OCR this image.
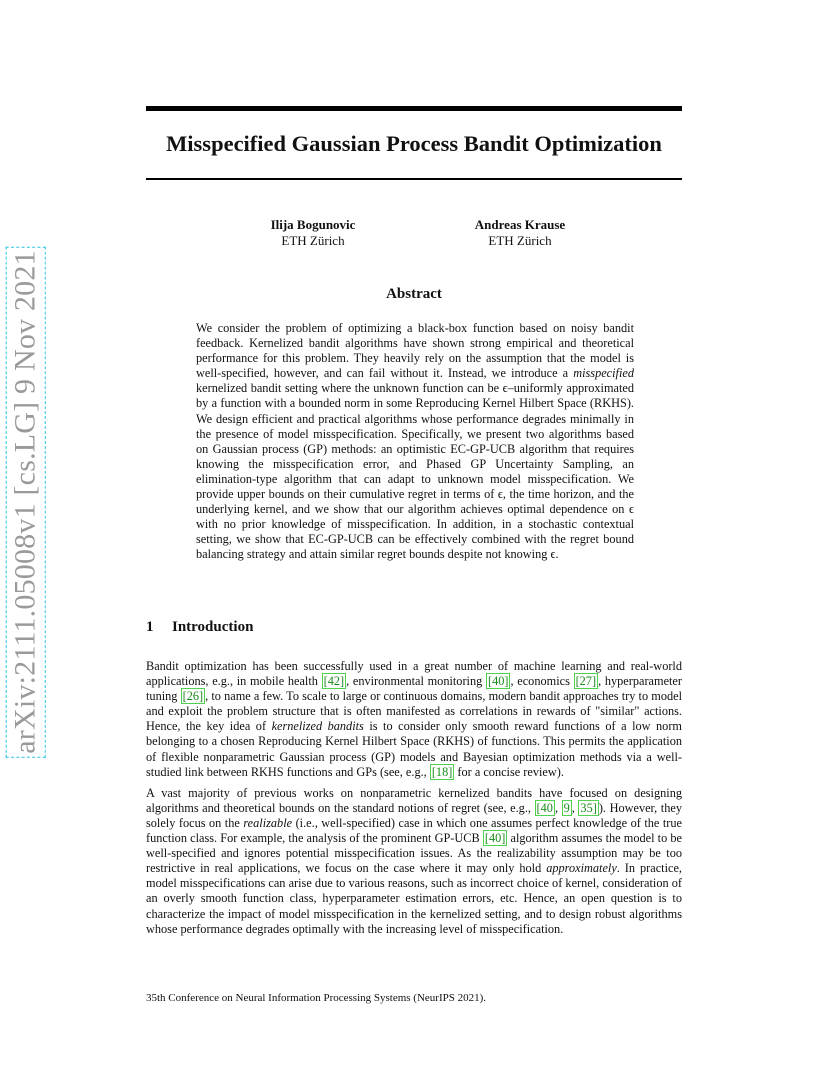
arXiv:2111.05008v1 [cs.LG] 9 Nov 2021
Misspecified Gaussian Process Bandit Optimization
Ilija Bogunovic
ETH Zürich
Andreas Krause
ETH Zürich
Abstract
We consider the problem of optimizing a black-box function based on noisy bandit feedback. Kernelized bandit algorithms have shown strong empirical and theoretical performance for this problem. They heavily rely on the assumption that the model is well-specified, however, and can fail without it. Instead, we introduce a misspecified kernelized bandit setting where the unknown function can be ϵ–uniformly approximated by a function with a bounded norm in some Reproducing Kernel Hilbert Space (RKHS). We design efficient and practical algorithms whose performance degrades minimally in the presence of model misspecification. Specifically, we present two algorithms based on Gaussian process (GP) methods: an optimistic EC-GP-UCB algorithm that requires knowing the misspecification error, and Phased GP Uncertainty Sampling, an elimination-type algorithm that can adapt to unknown model misspecification. We provide upper bounds on their cumulative regret in terms of ϵ, the time horizon, and the underlying kernel, and we show that our algorithm achieves optimal dependence on ϵ with no prior knowledge of misspecification. In addition, in a stochastic contextual setting, we show that EC-GP-UCB can be effectively combined with the regret bound balancing strategy and attain similar regret bounds despite not knowing ϵ.
1 Introduction

Bandit optimization has been successfully used in a great number of machine learning and real-world applications, e.g., in mobile health [42] , environmental monitoring [40] , economics [27] , hyperparameter tuning [26] , to name a few. To scale to large or continuous domains, modern bandit approaches try to model and exploit the problem structure that is often manifested as correlations in rewards of "similar" actions. Hence, the key idea of kernelized bandits is to consider only smooth reward functions of a low norm belonging to a chosen Reproducing Kernel Hilbert Space (RKHS) of functions. This permits the application of flexible nonparametric Gaussian process (GP) models and Bayesian optimization methods via a well-studied link between RKHS functions and GPs (see, e.g., [18] for a concise review).

A vast majority of previous works on nonparametric kernelized bandits have focused on designing algorithms and theoretical bounds on the standard notions of regret (see, e.g., [40 , 9 , 35] ). However, they solely focus on the realizable (i.e., well-specified) case in which one assumes perfect knowledge of the true function class. For example, the analysis of the prominent GP-UCB [40] algorithm assumes the model to be well-specified and ignores potential misspecification issues. As the realizability assumption may be too restrictive in real applications, we focus on the case where it may only hold approximately. In practice, model misspecifications can arise due to various reasons, such as incorrect choice of kernel, consideration of an overly smooth function class, hyperparameter estimation errors, etc. Hence, an open question is to characterize the impact of model misspecification in the kernelized setting, and to design robust algorithms whose performance degrades optimally with the increasing level of misspecification.

35th Conference on Neural Information Processing Systems (NeurIPS 2021).
